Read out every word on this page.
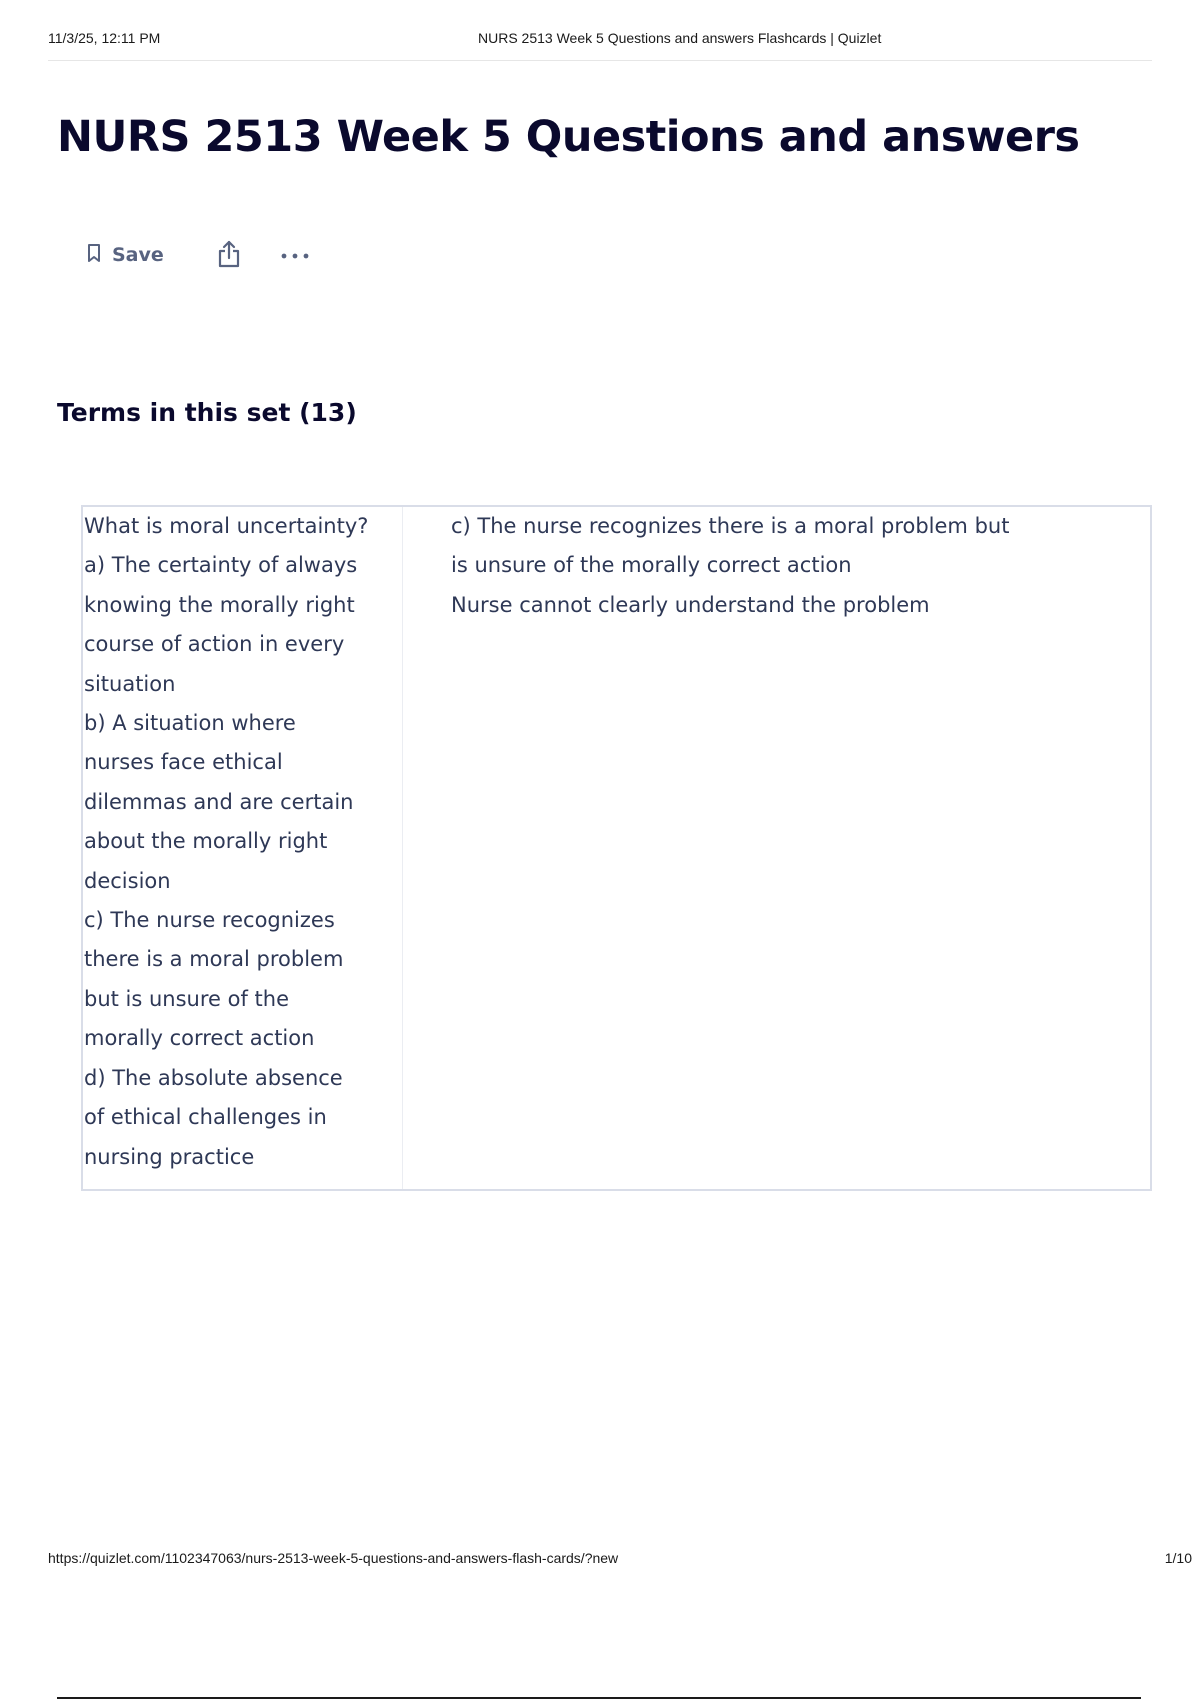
11/3/25, 12:11 PM	NURS 2513 Week 5 Questions and answers Flashcards | Quizlet
NURS 2513 Week 5 Questions and answers
Save
Terms in this set (13)
What is moral uncertainty?
a) The certainty of always
knowing the morally right
course of action in every
situation
b) A situation where
nurses face ethical
dilemmas and are certain
about the morally right
decision
c) The nurse recognizes
there is a moral problem
but is unsure of the
morally correct action
d) The absolute absence
of ethical challenges in
nursing practice
c) The nurse recognizes there is a moral problem but
is unsure of the morally correct action
Nurse cannot clearly understand the problem
https://quizlet.com/1102347063/nurs-2513-week-5-questions-and-answers-flash-cards/?new	1/10
